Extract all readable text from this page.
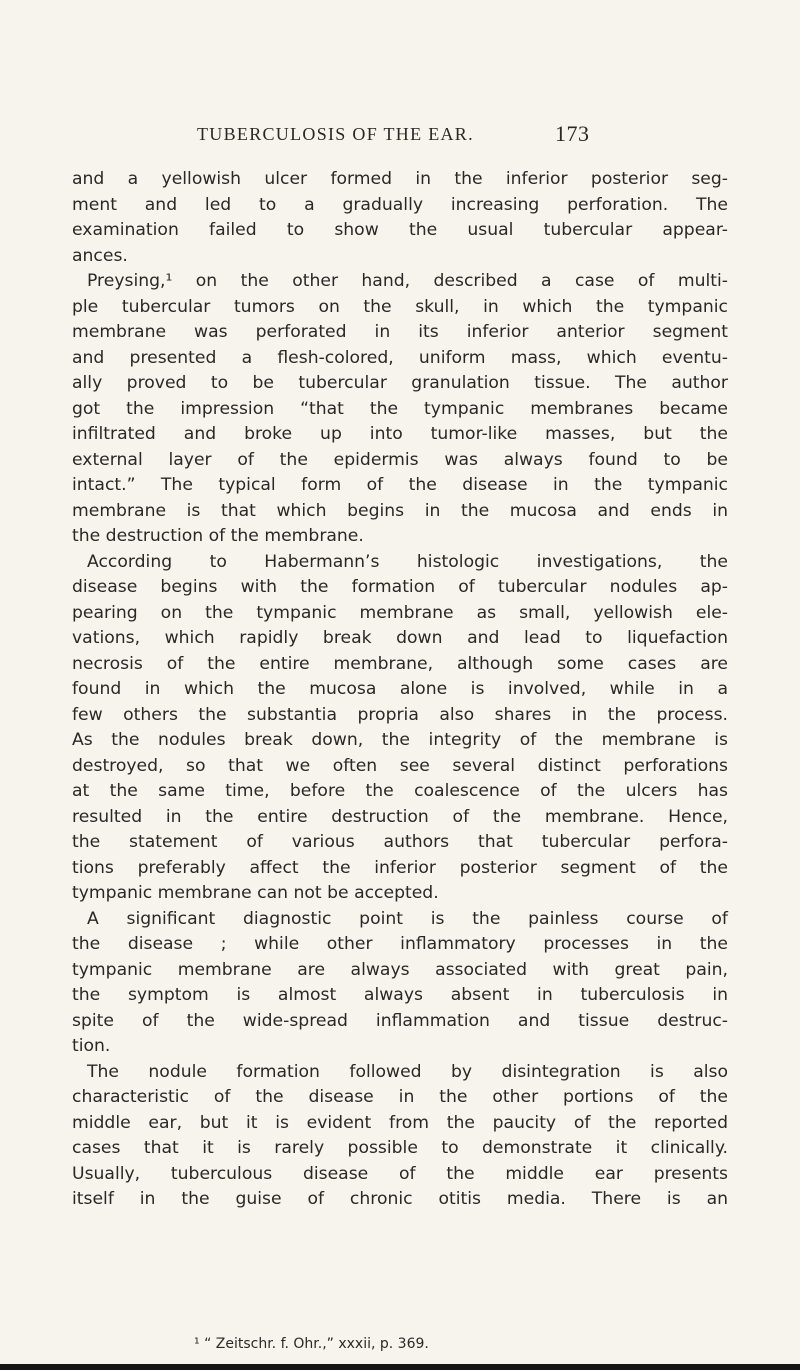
TUBERCULOSIS OF THE EAR.	173
and a yellowish ulcer formed in the inferior posterior seg-
ment and led to a gradually increasing perforation. The
examination failed to show the usual tubercular appear-
ances.
Preysing,¹ on the other hand, described a case of multi-
ple tubercular tumors on the skull, in which the tympanic
membrane was perforated in its inferior anterior segment
and presented a flesh-colored, uniform mass, which eventu-
ally proved to be tubercular granulation tissue. The author
got the impression “that the tympanic membranes became
infiltrated and broke up into tumor-like masses, but the
external layer of the epidermis was always found to be
intact.” The typical form of the disease in the tympanic
membrane is that which begins in the mucosa and ends in
the destruction of the membrane.
According to Habermann’s histologic investigations, the
disease begins with the formation of tubercular nodules ap-
pearing on the tympanic membrane as small, yellowish ele-
vations, which rapidly break down and lead to liquefaction
necrosis of the entire membrane, although some cases are
found in which the mucosa alone is involved, while in a
few others the substantia propria also shares in the process.
As the nodules break down, the integrity of the membrane is
destroyed, so that we often see several distinct perforations
at the same time, before the coalescence of the ulcers has
resulted in the entire destruction of the membrane. Hence,
the statement of various authors that tubercular perfora-
tions preferably affect the inferior posterior segment of the
tympanic membrane can not be accepted.
A significant diagnostic point is the painless course of
the disease ; while other inflammatory processes in the
tympanic membrane are always associated with great pain,
the symptom is almost always absent in tuberculosis in
spite of the wide-spread inflammation and tissue destruc-
tion.
The nodule formation followed by disintegration is also
characteristic of the disease in the other portions of the
middle ear, but it is evident from the paucity of the reported
cases that it is rarely possible to demonstrate it clinically.
Usually, tuberculous disease of the middle ear presents
itself in the guise of chronic otitis media. There is an
¹ “ Zeitschr. f. Ohr.,” xxxii, p. 369.
